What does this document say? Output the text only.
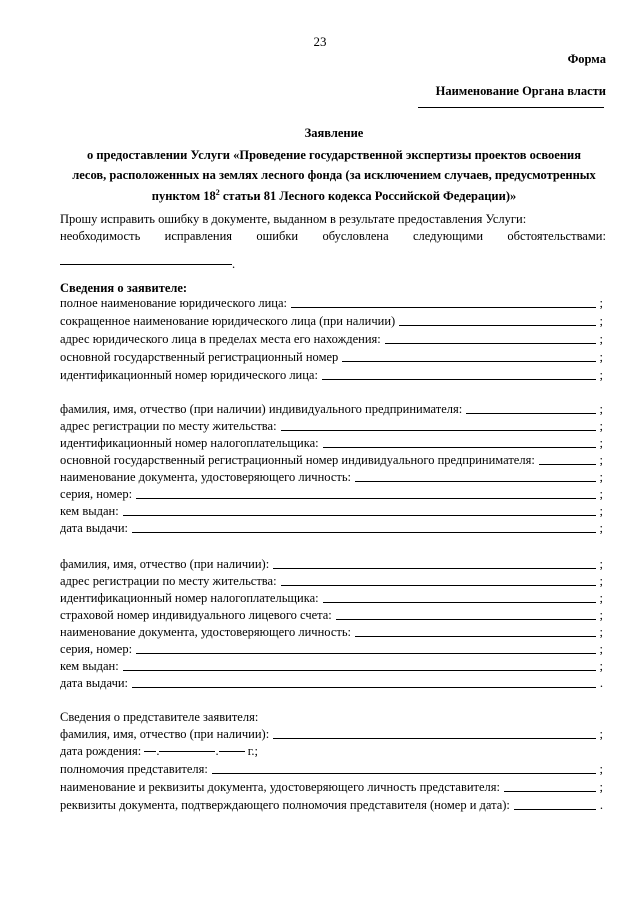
23
Форма
Наименование Органа власти
Заявление
о предоставлении Услуги «Проведение государственной экспертизы проектов освоения
лесов, расположенных на землях лесного фонда (за исключением случаев, предусмотренных
пунктом $18^2$ статьи 81 Лесного кодекса Российской Федерации)»
Прошу исправить ошибку в документе, выданном в результате предоставления Услуги:
необходимость исправления ошибки обусловлена следующими обстоятельствами:
.
Сведения о заявителе:
полное наименование юридического лица:	;
сокращенное наименование юридического лица (при наличии)	;
адрес юридического лица в пределах места его нахождения:	;
основной государственный регистрационный номер	;
идентификационный номер юридического лица:	;
фамилия, имя, отчество (при наличии) индивидуального предпринимателя:	;
адрес регистрации по месту жительства:	;
идентификационный номер налогоплательщика:	;
основной государственный регистрационный номер индивидуального предпринимателя:	;
наименование документа, удостоверяющего личность:	;
серия, номер:	;
кем выдан:	;
дата выдачи:	;
фамилия, имя, отчество (при наличии):	;
адрес регистрации по месту жительства:	;
идентификационный номер налогоплательщика:	;
страховой номер индивидуального лицевого счета:	;
наименование документа, удостоверяющего личность:	;
серия, номер:	;
кем выдан:	;
дата выдачи:	.
Сведения о представителе заявителя:
фамилия, имя, отчество (при наличии):	;
дата рождения: .	. г.;
полномочия представителя:	;
наименование и реквизиты документа, удостоверяющего личность представителя:	;
реквизиты документа, подтверждающего полномочия представителя (номер и дата):	.
